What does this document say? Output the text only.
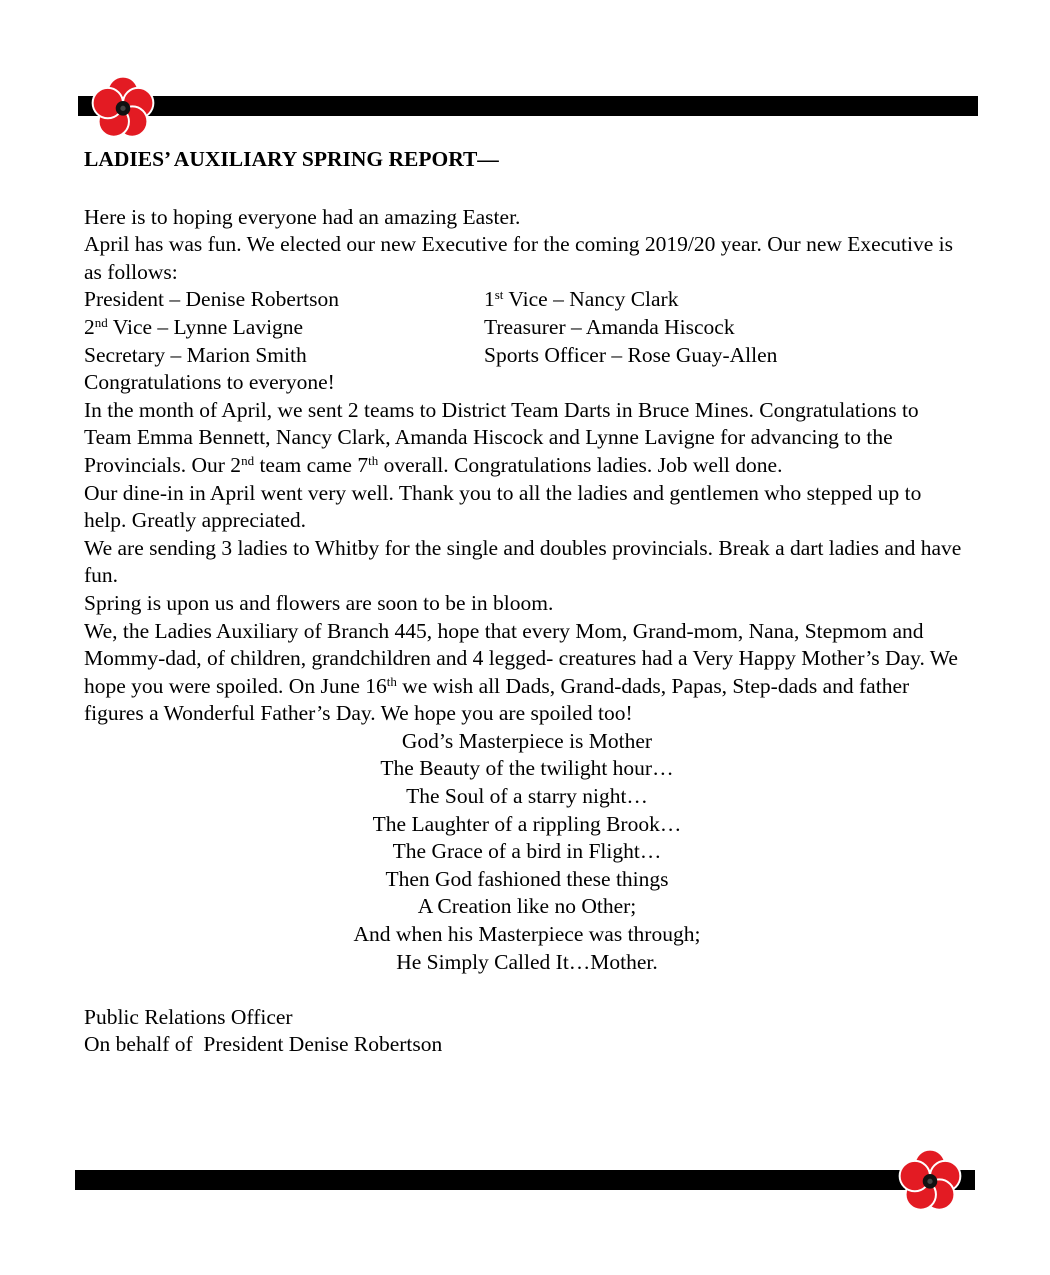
LADIES’ AUXILIARY SPRING REPORT—

Here is to hoping everyone had an amazing Easter.

April has was fun. We elected our new Executive for the coming 2019/20 year. Our new Executive is as follows:

President – Denise Robertson	1st Vice – Nancy Clark
2nd Vice – Lynne Lavigne	Treasurer – Amanda Hiscock
Secretary – Marion Smith	Sports Officer – Rose Guay-Allen

Congratulations to everyone!

In the month of April, we sent 2 teams to District Team Darts in Bruce Mines. Congratulations to Team Emma Bennett, Nancy Clark, Amanda Hiscock and Lynne Lavigne for advancing to the Provincials. Our 2nd team came 7th overall. Congratulations ladies. Job well done.

Our dine-in in April went very well. Thank you to all the ladies and gentlemen who stepped up to help. Greatly appreciated.

We are sending 3 ladies to Whitby for the single and doubles provincials. Break a dart ladies and have fun.

Spring is upon us and flowers are soon to be in bloom.

We, the Ladies Auxiliary of Branch 445, hope that every Mom, Grand-mom, Nana, Stepmom and Mommy-dad, of children, grandchildren and 4 legged- creatures had a Very Happy Mother’s Day. We hope you were spoiled. On June 16th we wish all Dads, Grand-dads, Papas, Step-dads and father figures a Wonderful Father’s Day. We hope you are spoiled too!

God’s Masterpiece is Mother
The Beauty of the twilight hour…
The Soul of a starry night…
The Laughter of a rippling Brook…
The Grace of a bird in Flight…
Then God fashioned these things
A Creation like no Other;
And when his Masterpiece was through;
He Simply Called It…Mother.

Public Relations Officer

On behalf of  President Denise Robertson
